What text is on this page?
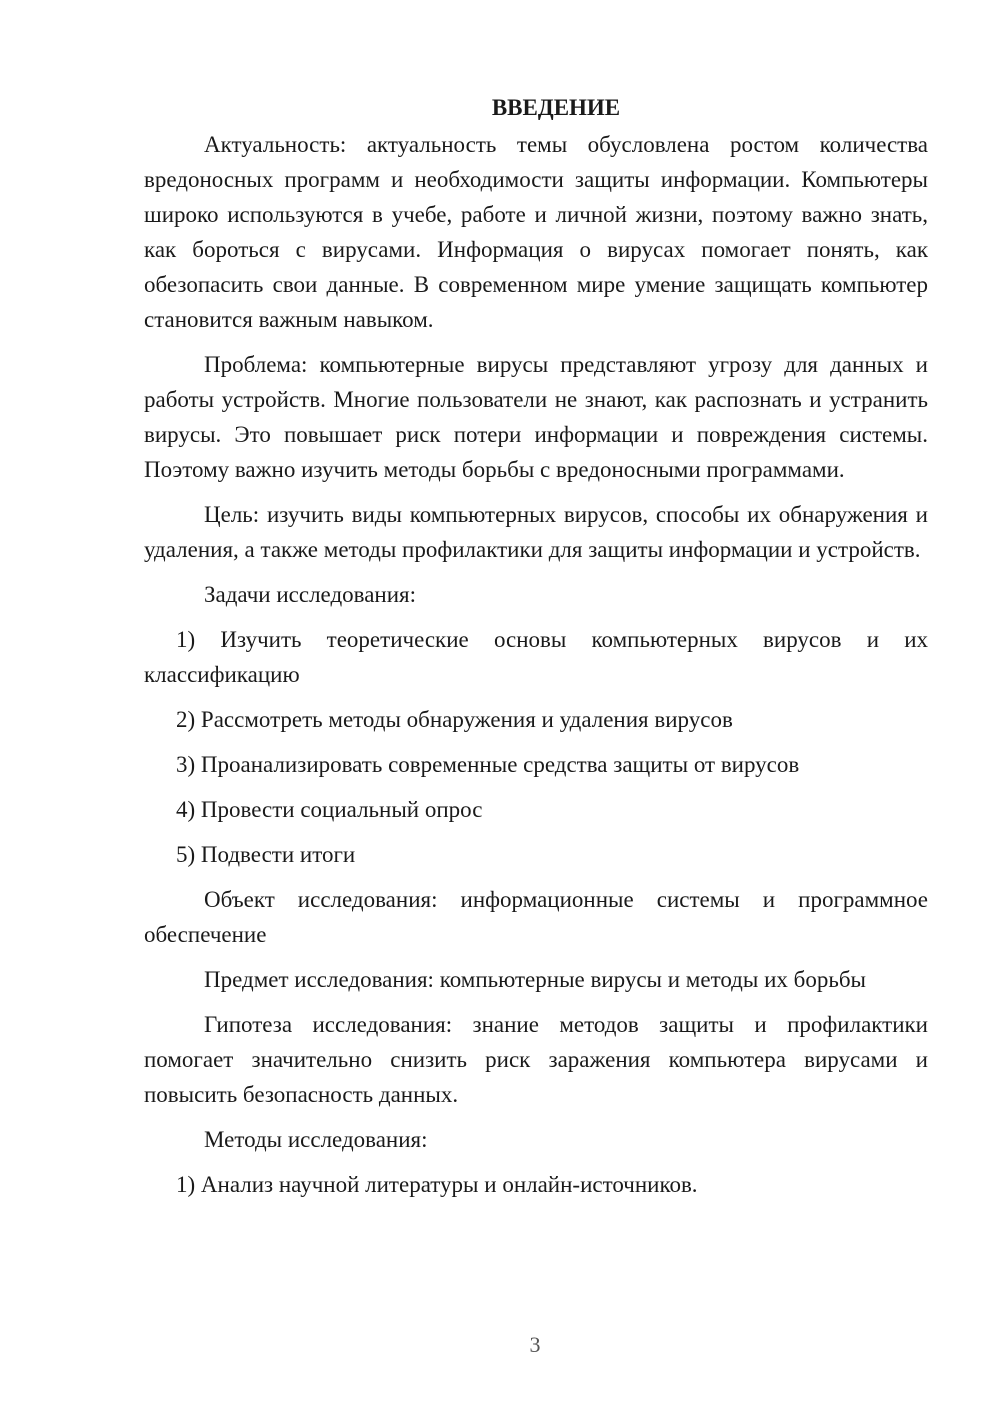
ВВЕДЕНИЕ

Актуальность: актуальность темы обусловлена ростом количества вредоносных программ и необходимости защиты информации. Компьютеры широко используются в учебе, работе и личной жизни, поэтому важно знать, как бороться с вирусами. Информация о вирусах помогает понять, как обезопасить свои данные. В современном мире умение защищать компьютер становится важным навыком.

Проблема: компьютерные вирусы представляют угрозу для данных и работы устройств. Многие пользователи не знают, как распознать и устранить вирусы. Это повышает риск потери информации и повреждения системы. Поэтому важно изучить методы борьбы с вредоносными программами.

Цель: изучить виды компьютерных вирусов, способы их обнаружения и удаления, а также методы профилактики для защиты информации и устройств.

Задачи исследования:

1) Изучить теоретические основы компьютерных вирусов и их классификацию

2) Рассмотреть методы обнаружения и удаления вирусов

3) Проанализировать современные средства защиты от вирусов

4) Провести социальный опрос

5) Подвести итоги

Объект исследования: информационные системы и программное обеспечение

Предмет исследования: компьютерные вирусы и методы их борьбы

Гипотеза исследования: знание методов защиты и профилактики помогает значительно снизить риск заражения компьютера вирусами и повысить безопасность данных.

Методы исследования:

1) Анализ научной литературы и онлайн-источников.

3
